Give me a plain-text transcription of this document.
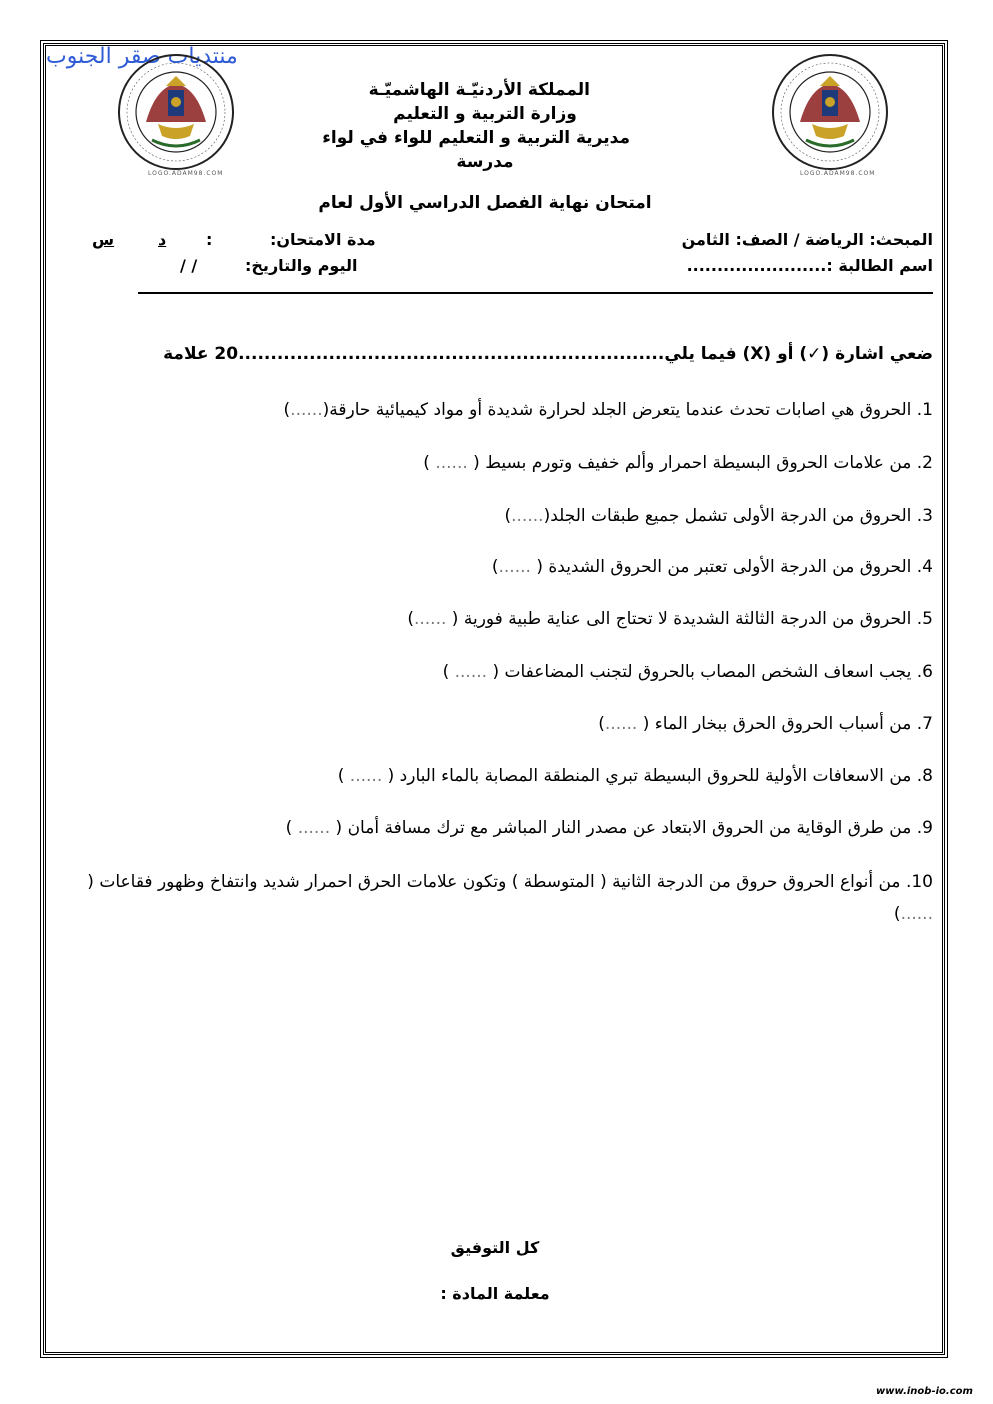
منتديات صقر الجنوب
LOGO.ADAM98.COM	LOGO.ADAM98.COM
المملكة الأردنيّـة الهاشميّـة
وزارة التربية و التعليم
مديرية التربية و التعليم للواء في لواء
مدرسة
امتحان نهاية الفصل الدراسي الأول لعام
المبحث: الرياضة / الصف: الثامن
اسم الطالبة :.......................
مدة الامتحان:
:
د
س
اليوم والتاريخ:
/ /
ضعي اشارة (✓) أو (X) فيما يلي..................................................................20 علامة
1. الحروق هي اصابات تحدث عندما يتعرض الجلد لحرارة شديدة أو مواد كيميائية حارقة(......)
2. من علامات الحروق البسيطة احمرار وألم خفيف وتورم بسيط ( ...... )
3. الحروق من الدرجة الأولى تشمل جميع طبقات الجلد(......)
4. الحروق من الدرجة الأولى تعتبر من الحروق الشديدة ( ......)
5. الحروق من الدرجة الثالثة الشديدة لا تحتاج الى عناية طبية فورية ( ......)
6. يجب اسعاف الشخص المصاب بالحروق لتجنب المضاعفات ( ...... )
7. من أسباب الحروق الحرق ببخار الماء ( ......)
8. من الاسعافات الأولية للحروق البسيطة تبري المنطقة المصابة بالماء البارد ( ...... )
9. من طرق الوقاية من الحروق الابتعاد عن مصدر النار المباشر مع ترك مسافة أمان ( ...... )
10. من أنواع الحروق حروق من الدرجة الثانية ( المتوسطة ) وتكون علامات الحرق احمرار شديد وانتفاخ وظهور فقاعات ( ......)
كل التوفيق
معلمة المادة :
www.inob-io.com
